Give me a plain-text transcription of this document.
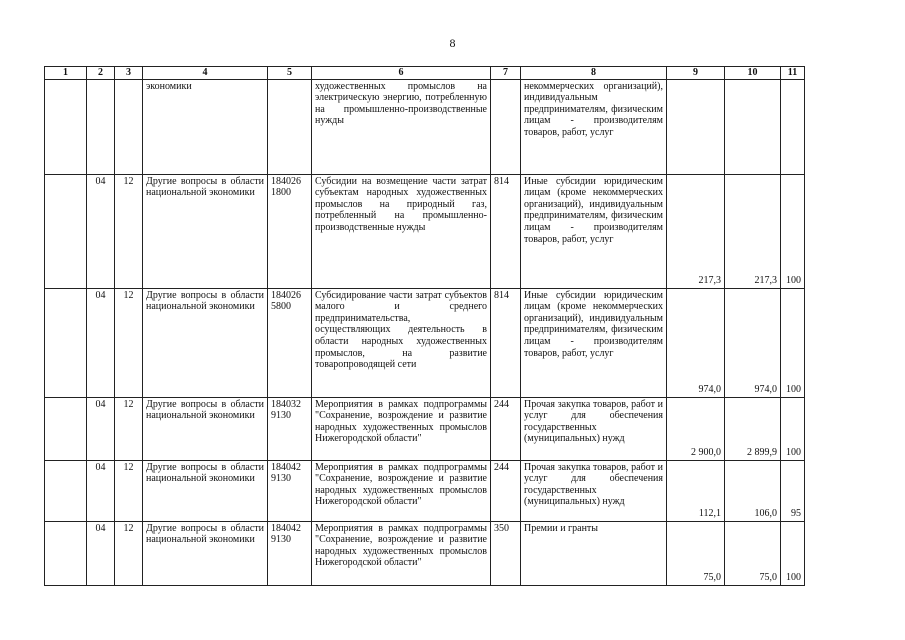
8
1	2	3	4	5	6	7	8	9	10	11
			экономики		художественных промыслов на электрическую энергию, потребленную на промышленно-производственные нужды		некоммерческих организаций), индивидуальным предпринимателям, физическим лицам - производителям товаров, работ, услуг			
	04	12	Другие вопросы в области национальной экономики	184026 1800	Субсидии на возмещение части затрат субъектам народных художественных промыслов на природный газ, потребленный на промышленно-производственные нужды	814	Иные субсидии юридическим лицам (кроме некоммерческих организаций), индивидуальным предпринимателям, физическим лицам - производителям товаров, работ, услуг	217,3	217,3	100
	04	12	Другие вопросы в области национальной экономики	184026 5800	Субсидирование части затрат субъектов малого и среднего предпринимательства, осуществляющих деятельность в области народных художественных промыслов, на развитие товаропроводящей сети	814	Иные субсидии юридическим лицам (кроме некоммерческих организаций), индивидуальным предпринимателям, физическим лицам - производителям товаров, работ, услуг	974,0	974,0	100
	04	12	Другие вопросы в области национальной экономики	184032 9130	Мероприятия в рамках подпрограммы "Сохранение, возрождение и развитие народных художественных промыслов Нижегородской области"	244	Прочая закупка товаров, работ и услуг для обеспечения государственных (муниципальных) нужд	2 900,0	2 899,9	100
	04	12	Другие вопросы в области национальной экономики	184042 9130	Мероприятия в рамках подпрограммы "Сохранение, возрождение и развитие народных художественных промыслов Нижегородской области"	244	Прочая закупка товаров, работ и услуг для обеспечения государственных (муниципальных) нужд	112,1	106,0	95
	04	12	Другие вопросы в области национальной экономики	184042 9130	Мероприятия в рамках подпрограммы "Сохранение, возрождение и развитие народных художественных промыслов Нижегородской области"	350	Премии и гранты	75,0	75,0	100
